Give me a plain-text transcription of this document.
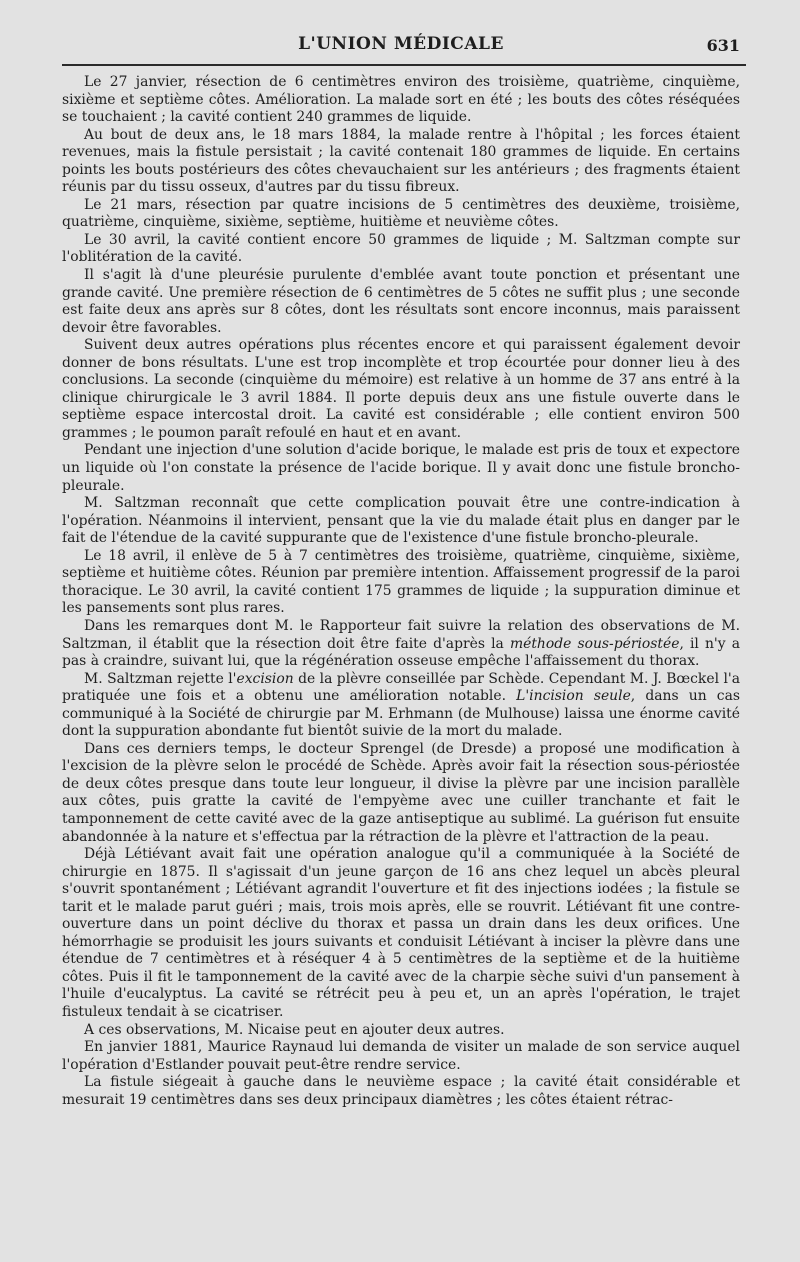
L'UNION MÉDICALE	631

Le 27 janvier, résection de 6 centimètres environ des troisième, quatrième, cinquième, sixième et septième côtes. Amélioration. La malade sort en été ; les bouts des côtes réséquées se touchaient ; la cavité contient 240 grammes de liquide.

Au bout de deux ans, le 18 mars 1884, la malade rentre à l'hôpital ; les forces étaient revenues, mais la fistule persistait ; la cavité contenait 180 grammes de liquide. En certains points les bouts postérieurs des côtes chevauchaient sur les antérieurs ; des fragments étaient réunis par du tissu osseux, d'autres par du tissu fibreux.

Le 21 mars, résection par quatre incisions de 5 centimètres des deuxième, troisième, quatrième, cinquième, sixième, septième, huitième et neuvième côtes.

Le 30 avril, la cavité contient encore 50 grammes de liquide ; M. Saltzman compte sur l'oblitération de la cavité.

Il s'agit là d'une pleurésie purulente d'emblée avant toute ponction et présentant une grande cavité. Une première résection de 6 centimètres de 5 côtes ne suffit plus ; une seconde est faite deux ans après sur 8 côtes, dont les résultats sont encore inconnus, mais paraissent devoir être favorables.

Suivent deux autres opérations plus récentes encore et qui paraissent également devoir donner de bons résultats. L'une est trop incomplète et trop écourtée pour donner lieu à des conclusions. La seconde (cinquième du mémoire) est relative à un homme de 37 ans entré à la clinique chirurgicale le 3 avril 1884. Il porte depuis deux ans une fistule ouverte dans le septième espace intercostal droit. La cavité est considérable ; elle contient environ 500 grammes ; le poumon paraît refoulé en haut et en avant.

Pendant une injection d'une solution d'acide borique, le malade est pris de toux et expectore un liquide où l'on constate la présence de l'acide borique. Il y avait donc une fistule broncho-pleurale.

M. Saltzman reconnaît que cette complication pouvait être une contre-indication à l'opération. Néanmoins il intervient, pensant que la vie du malade était plus en danger par le fait de l'étendue de la cavité suppurante que de l'existence d'une fistule broncho-pleurale.

Le 18 avril, il enlève de 5 à 7 centimètres des troisième, quatrième, cinquième, sixième, septième et huitième côtes. Réunion par première intention. Affaissement progressif de la paroi thoracique. Le 30 avril, la cavité contient 175 grammes de liquide ; la suppuration diminue et les pansements sont plus rares.

Dans les remarques dont M. le Rapporteur fait suivre la relation des observations de M. Saltzman, il établit que la résection doit être faite d'après la méthode sous-périostée, il n'y a pas à craindre, suivant lui, que la régénération osseuse empêche l'affaissement du thorax.

M. Saltzman rejette l'excision de la plèvre conseillée par Schède. Cependant M. J. Bœckel l'a pratiquée une fois et a obtenu une amélioration notable. L'incision seule, dans un cas communiqué à la Société de chirurgie par M. Erhmann (de Mulhouse) laissa une énorme cavité dont la suppuration abondante fut bientôt suivie de la mort du malade.

Dans ces derniers temps, le docteur Sprengel (de Dresde) a proposé une modification à l'excision de la plèvre selon le procédé de Schède. Après avoir fait la résection sous-périostée de deux côtes presque dans toute leur longueur, il divise la plèvre par une incision parallèle aux côtes, puis gratte la cavité de l'empyème avec une cuiller tranchante et fait le tamponnement de cette cavité avec de la gaze antiseptique au sublimé. La guérison fut ensuite abandonnée à la nature et s'effectua par la rétraction de la plèvre et l'attraction de la peau.

Déjà Létiévant avait fait une opération analogue qu'il a communiquée à la Société de chirurgie en 1875. Il s'agissait d'un jeune garçon de 16 ans chez lequel un abcès pleural s'ouvrit spontanément ; Létiévant agrandit l'ouverture et fit des injections iodées ; la fistule se tarit et le malade parut guéri ; mais, trois mois après, elle se rouvrit. Létiévant fit une contre-ouverture dans un point déclive du thorax et passa un drain dans les deux orifices. Une hémorrhagie se produisit les jours suivants et conduisit Létiévant à inciser la plèvre dans une étendue de 7 centimètres et à réséquer 4 à 5 centimètres de la septième et de la huitième côtes. Puis il fit le tamponnement de la cavité avec de la charpie sèche suivi d'un pansement à l'huile d'eucalyptus. La cavité se rétrécit peu à peu et, un an après l'opération, le trajet fistuleux tendait à se cicatriser.

A ces observations, M. Nicaise peut en ajouter deux autres.

En janvier 1881, Maurice Raynaud lui demanda de visiter un malade de son service auquel l'opération d'Estlander pouvait peut-être rendre service.

La fistule siégeait à gauche dans le neuvième espace ; la cavité était considérable et mesurait 19 centimètres dans ses deux principaux diamètres ; les côtes étaient rétrac-
